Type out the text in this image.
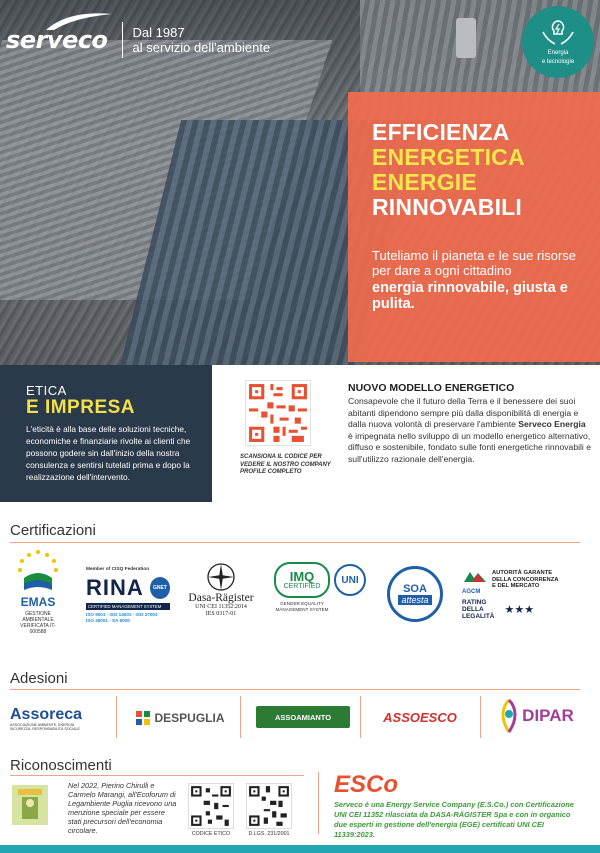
serveco Dal 1987
al servizio dell'ambiente	Energia
e tecnologie
EFFICIENZA
ENERGETICA
ENERGIE
RINNOVABILI
Tuteliamo il pianeta e le sue risorse per dare a ogni cittadino
energia rinnovabile, giusta e pulita.
ETICA
E IMPRESA
L'eticità è alla base delle soluzioni tecniche, economiche e finanziarie rivolte ai clienti che possono godere sin dall'inizio della nostra consulenza e sentirsi tutelati prima e dopo la realizzazione dell'intervento.
SCANSIONA IL CODICE PER VEDERE IL NOSTRO COMPANY PROFILE COMPLETO
NUOVO MODELLO ENERGETICO
Consapevole che il futuro della Terra e il benessere dei suoi abitanti dipendono sempre più dalla disponibilità di energia e dalla nuova volontà di preservare l'ambiente Serveco Energia è impegnata nello sviluppo di un modello energetico alternativo, diffuso e sostenibile, fondato sulle fonti energetiche rinnovabili e sull'utilizzo razionale dell'energia.
Certificazioni
EMAS
GESTIONE AMBIENTALE VERIFICATA IT-000588
Member of CISQ Federation
RINA	GNET
CERTIFIED MANAGEMENT SYSTEM
ISO 9001 - ISO 14001 - ISO 27001
ISO 45001 - SA 8000
Dasa-Rägister
UNI CEI 11352:2014
IES 0317-01
IMQ
CERTIFIED
UNI
GENDER EQUALITY MANAGEMENT SYSTEM
SOA
attesta
AGCM
AUTORITÀ GARANTE
DELLA CONCORRENZA
E DEL MERCATO
RATING
DELLA
LEGALITÀ
★★★
Adesioni
Assoreca
ASSOCIAZIONE AMBIENTE, ENERGIA SICUREZZA, RESPONSABILITÀ SOCIALE
DESPUGLIA	ASSOAMIANTO	ASSOESCO	DIPAR
Riconoscimenti
Nel 2022, Pierino Chirulli e Carmelo Marangi, all'Ecoforum di Legambiente Puglia ricevono una menzione speciale per essere stati precursori dell'economia circolare.	CODICE ETICO	D.LGS. 231/2001
ESCo
Serveco è una Energy Service Company (E.S.Co.) con Certificazione UNI CEI 11352 rilasciata da DASA-RÄGISTER Spa e con in organico due esperti in gestione dell'energia (EGE) certificati UNI CEI 11339:2023.
